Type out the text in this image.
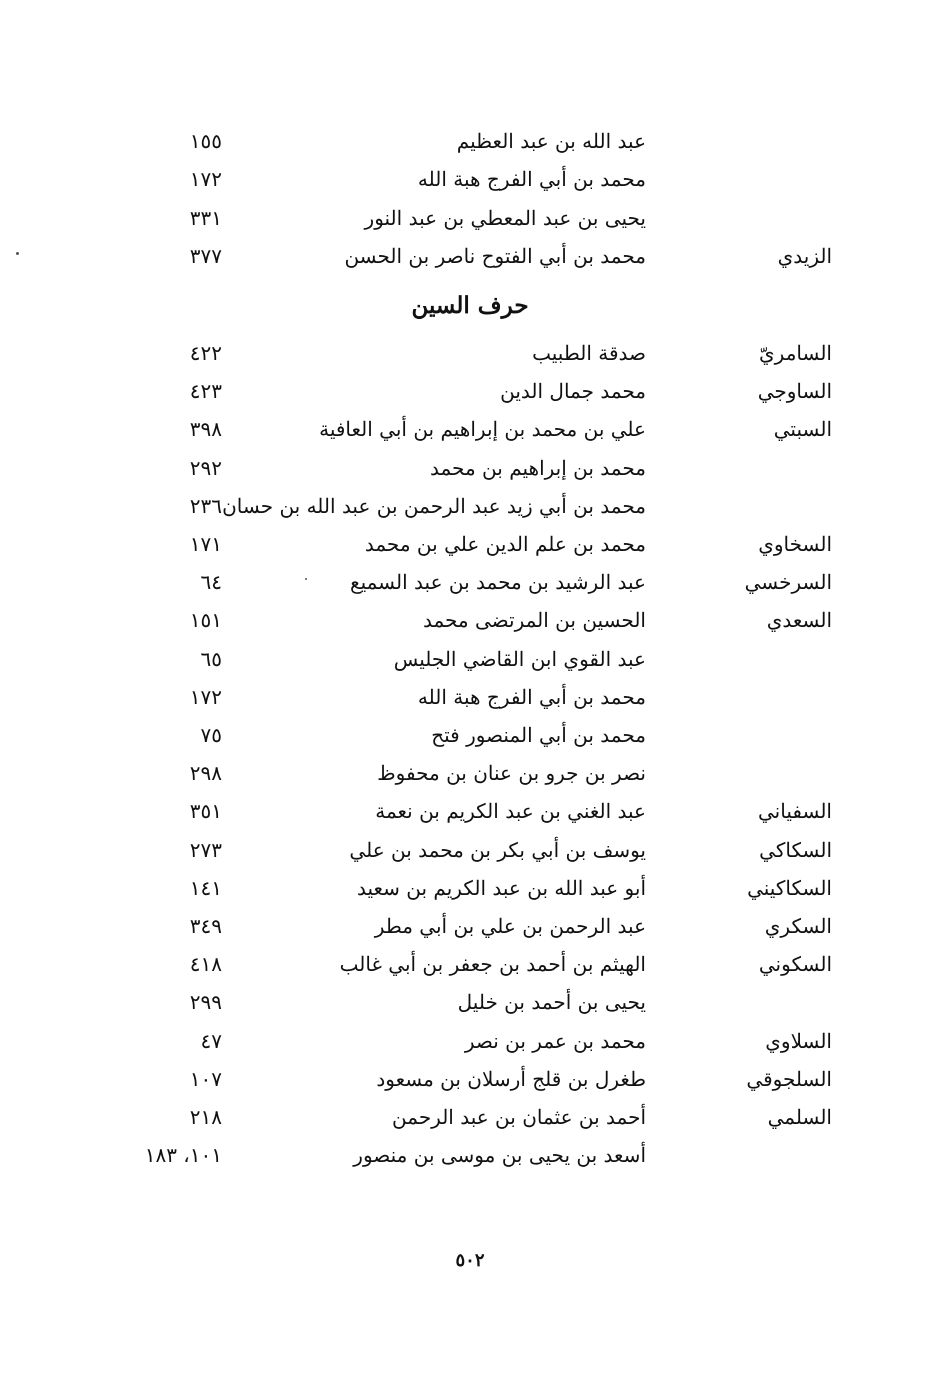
عبد الله بن عبد العظيم
١٥٥
محمد بن أبي الفرج هبة الله
١٧٢
يحيى بن عبد المعطي بن عبد النور
٣٣١
الزيدي
محمد بن أبي الفتوح ناصر بن الحسن
٣٧٧
حرف السين
السامريّ
صدقة الطبيب
٤٢٢
الساوجي
محمد جمال الدين
٤٢٣
السبتي
علي بن محمد بن إبراهيم بن أبي العافية
٣٩٨
محمد بن إبراهيم بن محمد
٢٩٢
محمد بن أبي زيد عبد الرحمن بن عبد الله بن حسان
٢٣٦
السخاوي
محمد بن علم الدين علي بن محمد
١٧١
السرخسي
عبد الرشيد بن محمد بن عبد السميع
٦٤
السعدي
الحسين بن المرتضى محمد
١٥١
عبد القوي ابن القاضي الجليس
٦٥
محمد بن أبي الفرج هبة الله
١٧٢
محمد بن أبي المنصور فتح
٧٥
نصر بن جرو بن عنان بن محفوظ
٢٩٨
السفياني
عبد الغني بن عبد الكريم بن نعمة
٣٥١
السكاكي
يوسف بن أبي بكر بن محمد بن علي
٢٧٣
السكاكيني
أبو عبد الله بن عبد الكريم بن سعيد
١٤١
السكري
عبد الرحمن بن علي بن أبي مطر
٣٤٩
السكوني
الهيثم بن أحمد بن جعفر بن أبي غالب
٤١٨
يحيى بن أحمد بن خليل
٢٩٩
السلاوي
محمد بن عمر بن نصر
٤٧
السلجوقي
طغرل بن قلج أرسلان بن مسعود
١٠٧
السلمي
أحمد بن عثمان بن عبد الرحمن
٢١٨
أسعد بن يحيى بن موسى بن منصور
١٠١، ١٨٣
٥٠٢
